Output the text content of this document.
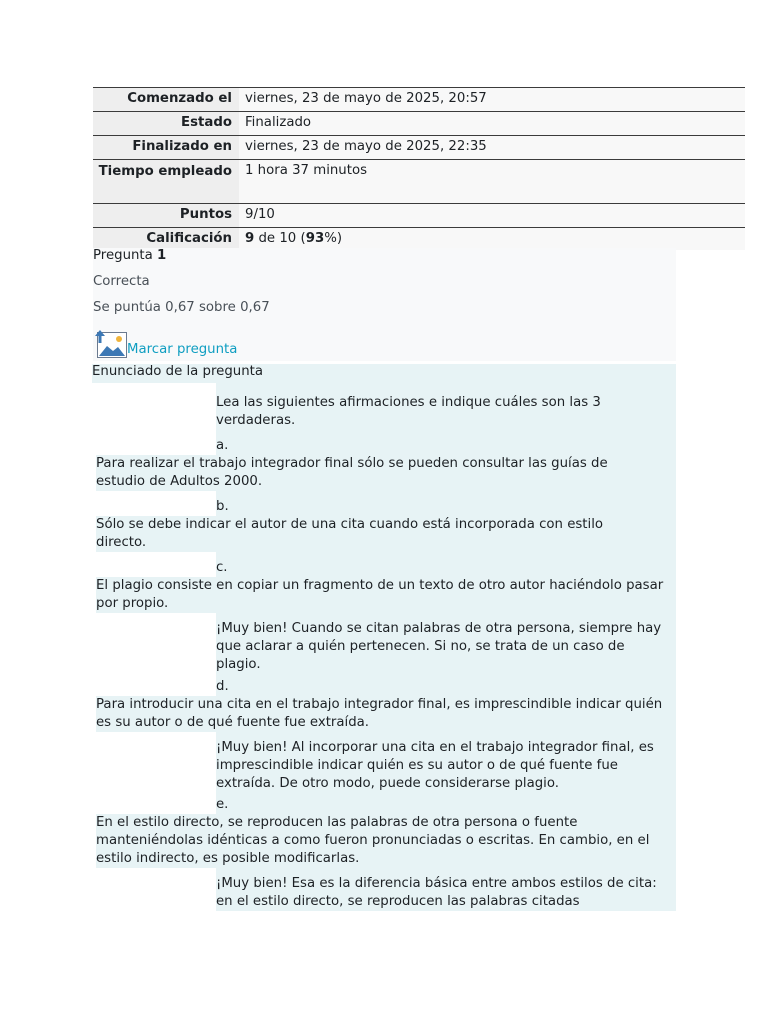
Comenzado el viernes, 23 de mayo de 2025, 20:57
Estado Finalizado
Finalizado en viernes, 23 de mayo de 2025, 22:35
Tiempo empleado 1 hora 37 minutos
Puntos 9/10
Calificación 9 de 10 (93%)
Pregunta 1
Correcta
Se puntúa 0,67 sobre 0,67
Marcar pregunta
Enunciado de la pregunta
Lea las siguientes afirmaciones e indique cuáles son las 3 verdaderas.
a.
Para realizar el trabajo integrador final sólo se pueden consultar las guías de estudio de Adultos 2000.
b.
Sólo se debe indicar el autor de una cita cuando está incorporada con estilo directo.
c.
El plagio consiste en copiar un fragmento de un texto de otro autor haciéndolo pasar por propio.
¡Muy bien! Cuando se citan palabras de otra persona, siempre hay que aclarar a quién pertenecen. Si no, se trata de un caso de plagio.
d.
Para introducir una cita en el trabajo integrador final, es imprescindible indicar quién es su autor o de qué fuente fue extraída.
¡Muy bien! Al incorporar una cita en el trabajo integrador final, es imprescindible indicar quién es su autor o de qué fuente fue extraída. De otro modo, puede considerarse plagio.
e.
En el estilo directo, se reproducen las palabras de otra persona o fuente manteniéndolas idénticas a como fueron pronunciadas o escritas. En cambio, en el estilo indirecto, es posible modificarlas.
¡Muy bien! Esa es la diferencia básica entre ambos estilos de cita: en el estilo directo, se reproducen las palabras citadas
